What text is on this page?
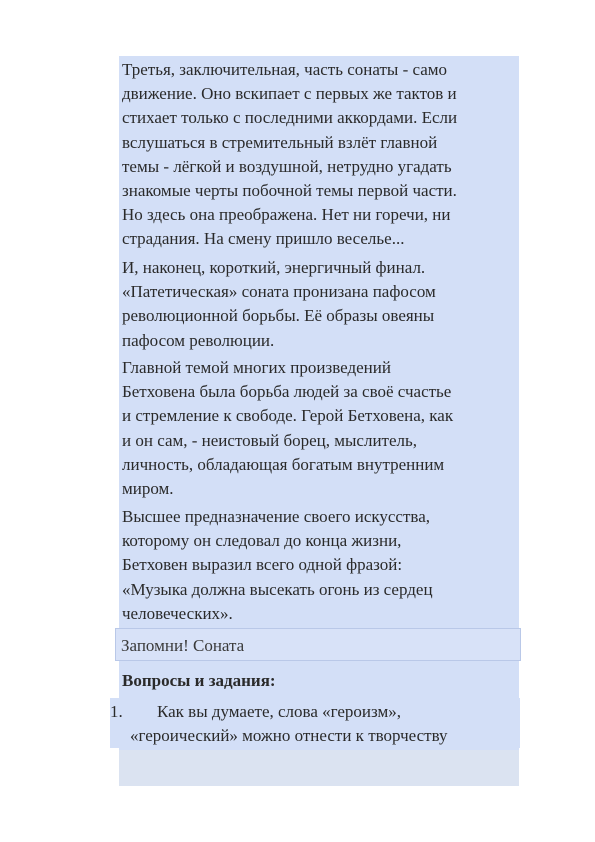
Третья, заключительная, часть сонаты - само
движение. Оно вскипает с первых же тактов и
стихает только с последними аккордами. Если
вслушаться в стремительный взлёт главной
темы - лёгкой и воздушной, нетрудно угадать
знакомые черты побочной темы первой части.
Но здесь она преображена. Нет ни горечи, ни
страдания. На смену пришло веселье...
И, наконец, короткий, энергичный финал.
«Патетическая» соната пронизана пафосом
революционной борьбы. Её образы овеяны
пафосом революции.
Главной темой многих произведений
Бетховена была борьба людей за своё счастье
и стремление к свободе. Герой Бетховена, как
и он сам, - неистовый борец, мыслитель,
личность, обладающая богатым внутренним
миром.
Высшее предназначение своего искусства,
которому он следовал до конца жизни,
Бетховен выразил всего одной фразой:
«Музыка должна высекать огонь из сердец
человеческих».
Запомни! Соната
Вопросы и задания:
1. Как вы думаете, слова «героизм»,
«героический» можно отнести к творчеству
